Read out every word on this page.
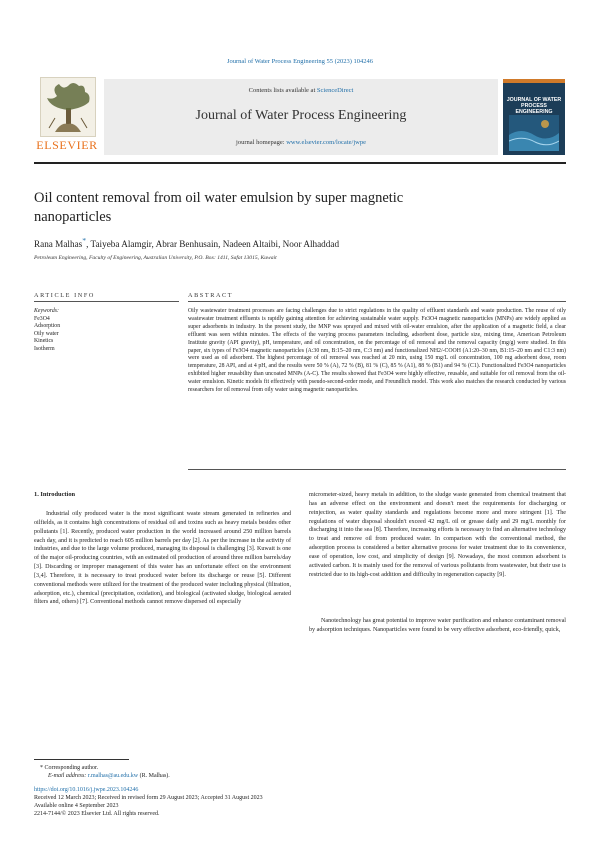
Journal of Water Process Engineering 55 (2023) 104246
ELSEVIER
Contents lists available at ScienceDirect
Journal of Water Process Engineering
journal homepage: www.elsevier.com/locate/jwpe
JOURNAL OF WATER PROCESS ENGINEERING
Oil content removal from oil water emulsion by super magnetic nanoparticles
Rana Malhas*, Taiyeba Alamgir, Abrar Benhusain, Nadeen Altaibi, Noor Alhaddad
Petroleum Engineering, Faculty of Engineering, Australian University, P.O. Box: 1411, Safat 13015, Kuwait
ARTICLE INFO	ABSTRACT
Keywords:
Fe3O4
Adsorption
Oily water
Kinetics
Isotherm

Oily wastewater treatment processes are facing challenges due to strict regulations in the quality of effluent standards and waste production. The reuse of oily wastewater treatment effluents is rapidly gaining attention for achieving sustainable water supply. Fe3O4 magnetic nanoparticles (MNPs) are widely applied as super adsorbents in industry. In the present study, the MNP was sprayed and mixed with oil-water emulsion, after the application of a magnetic field, a clear effluent was seen within minutes. The effects of the varying process parameters including, adsorbent dose, particle size, mixing time, American Petroleum Institute gravity (API gravity), pH, temperature, and oil concentration, on the percentage of oil removal and the removal capacity (mg/g) were studied. In this paper, six types of Fe3O4 magnetic nanoparticles (A:30 nm, B:15–20 nm, C:3 nm) and functionalized NH2/-COOH (A1:20–30 nm, B1:15–20 nm and C1:3 nm) were used as oil adsorbent. The highest percentage of oil removal was reached at 20 min, using 150 mg/L oil concentration, 100 mg adsorbent dose, room temperature, 28 API, and at 4 pH, and the results were 50 % (A), 72 % (B), 81 % (C), 85 % (A1), 88 % (B1) and 94 % (C1). Functionalized Fe3O4 nanoparticles exhibited higher reusability than uncoated MNPs (A-C). The results showed that Fe3O4 were highly effective, reusable, and suitable for oil removal from the oil-water emulsion. Kinetic models fit effectively with pseudo-second-order mode, and Freundlich model. This work also matches the research conducted by various researchers for oil removal from oily water using magnetic nanoparticles.

1. Introduction

Industrial oily produced water is the most significant waste stream generated in refineries and oilfields, as it contains high concentrations of residual oil and toxins such as heavy metals besides other pollutants [1]. Recently, produced water production in the world increased around 250 million barrels each day, and it is predicted to reach 605 million barrels per day [2]. As per the increase in the activity of industries, and due to the large volume produced, managing its disposal is challenging [3]. Kuwait is one of the major oil-producing countries, with an estimated oil production of around three million barrels/day [3]. Discarding or improper management of this water has an unfortunate effect on the environment [3,4]. Therefore, it is necessary to treat produced water before its discharge or reuse [5]. Different conventional methods were utilized for the treatment of the produced water including physical (filtration, adsorption, etc.), chemical (precipitation, oxidation), and biological (activated sludge, biological aerated filters and, others) [7]. Conventional methods cannot remove dispersed oil especially

micrometer-sized, heavy metals in addition, to the sludge waste generated from chemical treatment that has an adverse effect on the environment and doesn't meet the requirements for discharging or reinjection, as water quality standards and regulations become more and more stringent [1]. The regulations of water disposal shouldn't exceed 42 mg/L oil or grease daily and 29 mg/L monthly for discharging it into the sea [8]. Therefore, increasing efforts is necessary to find an alternative technology to treat and remove oil from produced water. In comparison with the conventional method, the adsorption process is considered a better alternative process for water treatment due to its convenience, ease of operation, low cost, and simplicity of design [9]. Nowadays, the most common adsorbent is activated carbon. It is mainly used for the removal of various pollutants from wastewater, but their use is restricted due to its high-cost addition and difficulty in regeneration capacity [9].

Nanotechnology has great potential to improve water purification and enhance contaminant removal by adsorption techniques. Nanoparticles were found to be very effective adsorbent, eco-friendly, quick,

* Corresponding author.
E-mail address: r.malhas@au.edu.kw (R. Malhas).
https://doi.org/10.1016/j.jwpe.2023.104246
Received 12 March 2023; Received in revised form 29 August 2023; Accepted 31 August 2023
Available online 4 September 2023
2214-7144/© 2023 Elsevier Ltd. All rights reserved.
